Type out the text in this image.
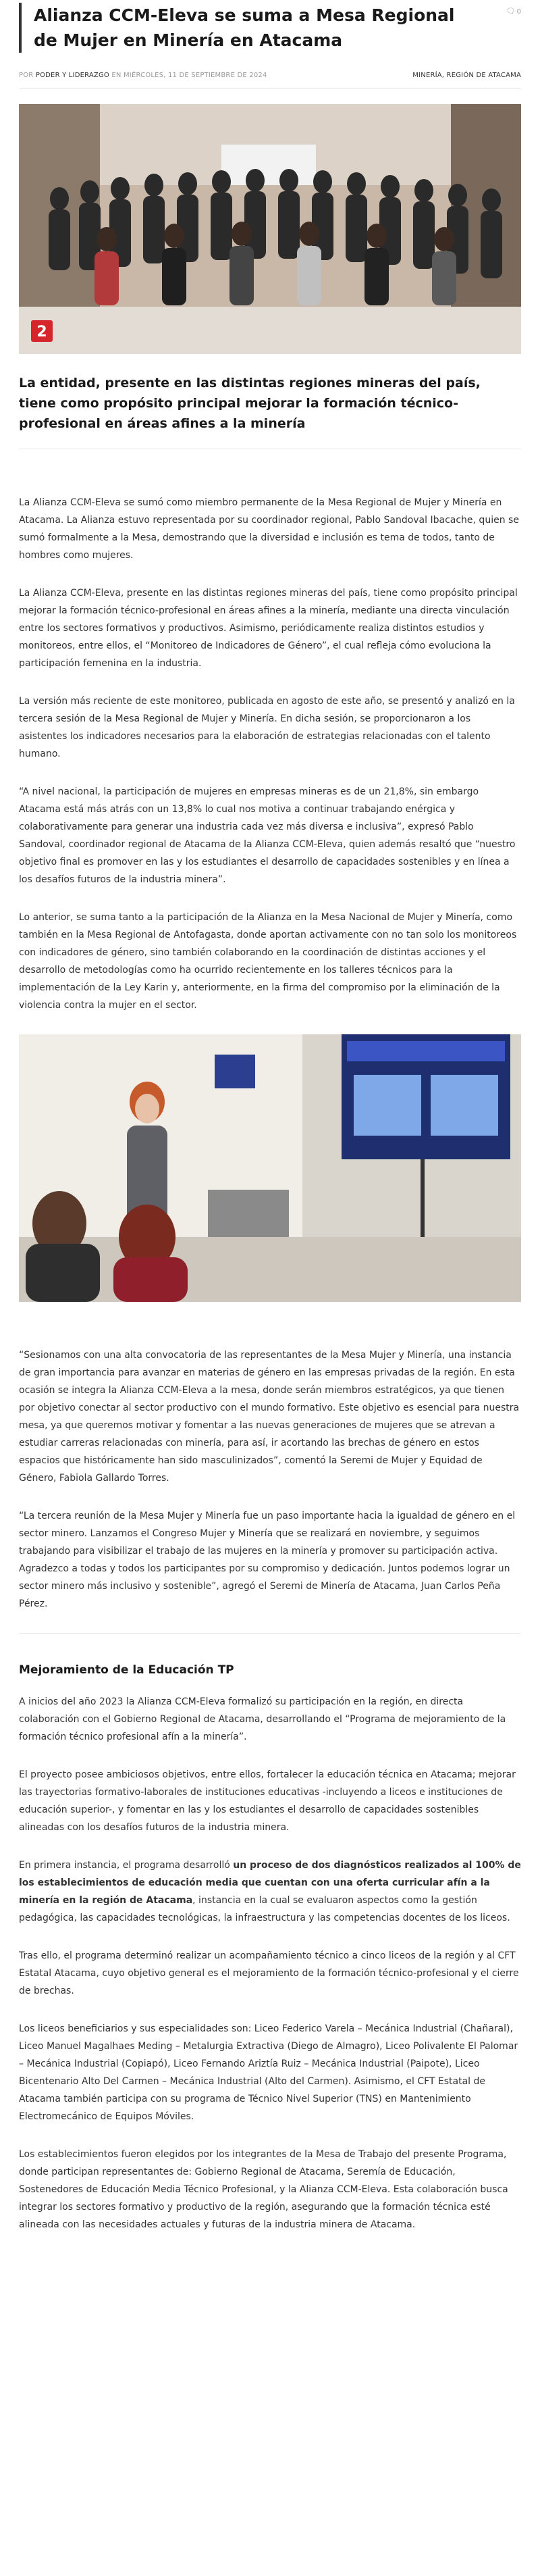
Alianza CCM-Eleva se suma a Mesa Regional de Mujer en Minería en Atacama
🗨 0
POR PODER Y LIDERAZGO EN MIÉRCOLES, 11 DE SEPTIEMBRE DE 2024	MINERÍA, REGIÓN DE ATACAMA
2

La entidad, presente en las distintas regiones mineras del país, tiene como propósito principal mejorar la formación técnico-profesional en áreas afines a la minería

La Alianza CCM-Eleva se sumó como miembro permanente de la Mesa Regional de Mujer y Minería en Atacama. La Alianza estuvo representada por su coordinador regional, Pablo Sandoval Ibacache, quien se sumó formalmente a la Mesa, demostrando que la diversidad e inclusión es tema de todos, tanto de hombres como mujeres.

La Alianza CCM-Eleva, presente en las distintas regiones mineras del país, tiene como propósito principal mejorar la formación técnico-profesional en áreas afines a la minería, mediante una directa vinculación entre los sectores formativos y productivos. Asimismo, periódicamente realiza distintos estudios y monitoreos, entre ellos, el “Monitoreo de Indicadores de Género”, el cual refleja cómo evoluciona la participación femenina en la industria.

La versión más reciente de este monitoreo, publicada en agosto de este año, se presentó y analizó en la tercera sesión de la Mesa Regional de Mujer y Minería. En dicha sesión, se proporcionaron a los asistentes los indicadores necesarios para la elaboración de estrategias relacionadas con el talento humano.

“A nivel nacional, la participación de mujeres en empresas mineras es de un 21,8%, sin embargo Atacama está más atrás con un 13,8% lo cual nos motiva a continuar trabajando enérgica y colaborativamente para generar una industria cada vez más diversa e inclusiva”, expresó Pablo Sandoval, coordinador regional de Atacama de la Alianza CCM-Eleva, quien además resaltó que “nuestro objetivo final es promover en las y los estudiantes el desarrollo de capacidades sostenibles y en línea a los desafíos futuros de la industria minera”.

Lo anterior, se suma tanto a la participación de la Alianza en la Mesa Nacional de Mujer y Minería, como también en la Mesa Regional de Antofagasta, donde aportan activamente con no tan solo los monitoreos con indicadores de género, sino también colaborando en la coordinación de distintas acciones y el desarrollo de metodologías como ha ocurrido recientemente en los talleres técnicos para la implementación de la Ley Karin y, anteriormente, en la firma del compromiso por la eliminación de la violencia contra la mujer en el sector.

“Sesionamos con una alta convocatoria de las representantes de la Mesa Mujer y Minería, una instancia de gran importancia para avanzar en materias de género en las empresas privadas de la región. En esta ocasión se integra la Alianza CCM-Eleva a la mesa, donde serán miembros estratégicos, ya que tienen por objetivo conectar al sector productivo con el mundo formativo. Este objetivo es esencial para nuestra mesa, ya que queremos motivar y fomentar a las nuevas generaciones de mujeres que se atrevan a estudiar carreras relacionadas con minería, para así, ir acortando las brechas de género en estos espacios que históricamente han sido masculinizados”, comentó la Seremi de Mujer y Equidad de Género, Fabiola Gallardo Torres.

“La tercera reunión de la Mesa Mujer y Minería fue un paso importante hacia la igualdad de género en el sector minero. Lanzamos el Congreso Mujer y Minería que se realizará en noviembre, y seguimos trabajando para visibilizar el trabajo de las mujeres en la minería y promover su participación activa. Agradezco a todas y todos los participantes por su compromiso y dedicación. Juntos podemos lograr un sector minero más inclusivo y sostenible”, agregó el Seremi de Minería de Atacama, Juan Carlos Peña Pérez.

Mejoramiento de la Educación TP

A inicios del año 2023 la Alianza CCM-Eleva formalizó su participación en la región, en directa colaboración con el Gobierno Regional de Atacama, desarrollando el “Programa de mejoramiento de la formación técnico profesional afín a la minería”.

El proyecto posee ambiciosos objetivos, entre ellos, fortalecer la educación técnica en Atacama; mejorar las trayectorias formativo-laborales de instituciones educativas -incluyendo a liceos e instituciones de educación superior-, y fomentar en las y los estudiantes el desarrollo de capacidades sostenibles alineadas con los desafíos futuros de la industria minera.

En primera instancia, el programa desarrolló un proceso de dos diagnósticos realizados al 100% de los establecimientos de educación media que cuentan con una oferta curricular afín a la minería en la región de Atacama, instancia en la cual se evaluaron aspectos como la gestión pedagógica, las capacidades tecnológicas, la infraestructura y las competencias docentes de los liceos.

Tras ello, el programa determinó realizar un acompañamiento técnico a cinco liceos de la región y al CFT Estatal Atacama, cuyo objetivo general es el mejoramiento de la formación técnico-profesional y el cierre de brechas.

Los liceos beneficiarios y sus especialidades son: Liceo Federico Varela – Mecánica Industrial (Chañaral), Liceo Manuel Magalhaes Meding – Metalurgia Extractiva (Diego de Almagro), Liceo Polivalente El Palomar – Mecánica Industrial (Copiapó), Liceo Fernando Ariztía Ruiz – Mecánica Industrial (Paipote), Liceo Bicentenario Alto Del Carmen – Mecánica Industrial (Alto del Carmen). Asimismo, el CFT Estatal de Atacama también participa con su programa de Técnico Nivel Superior (TNS) en Mantenimiento Electromecánico de Equipos Móviles.

Los establecimientos fueron elegidos por los integrantes de la Mesa de Trabajo del presente Programa, donde participan representantes de: Gobierno Regional de Atacama, Seremía de Educación, Sostenedores de Educación Media Técnico Profesional, y la Alianza CCM-Eleva. Esta colaboración busca integrar los sectores formativo y productivo de la región, asegurando que la formación técnica esté alineada con las necesidades actuales y futuras de la industria minera de Atacama.
